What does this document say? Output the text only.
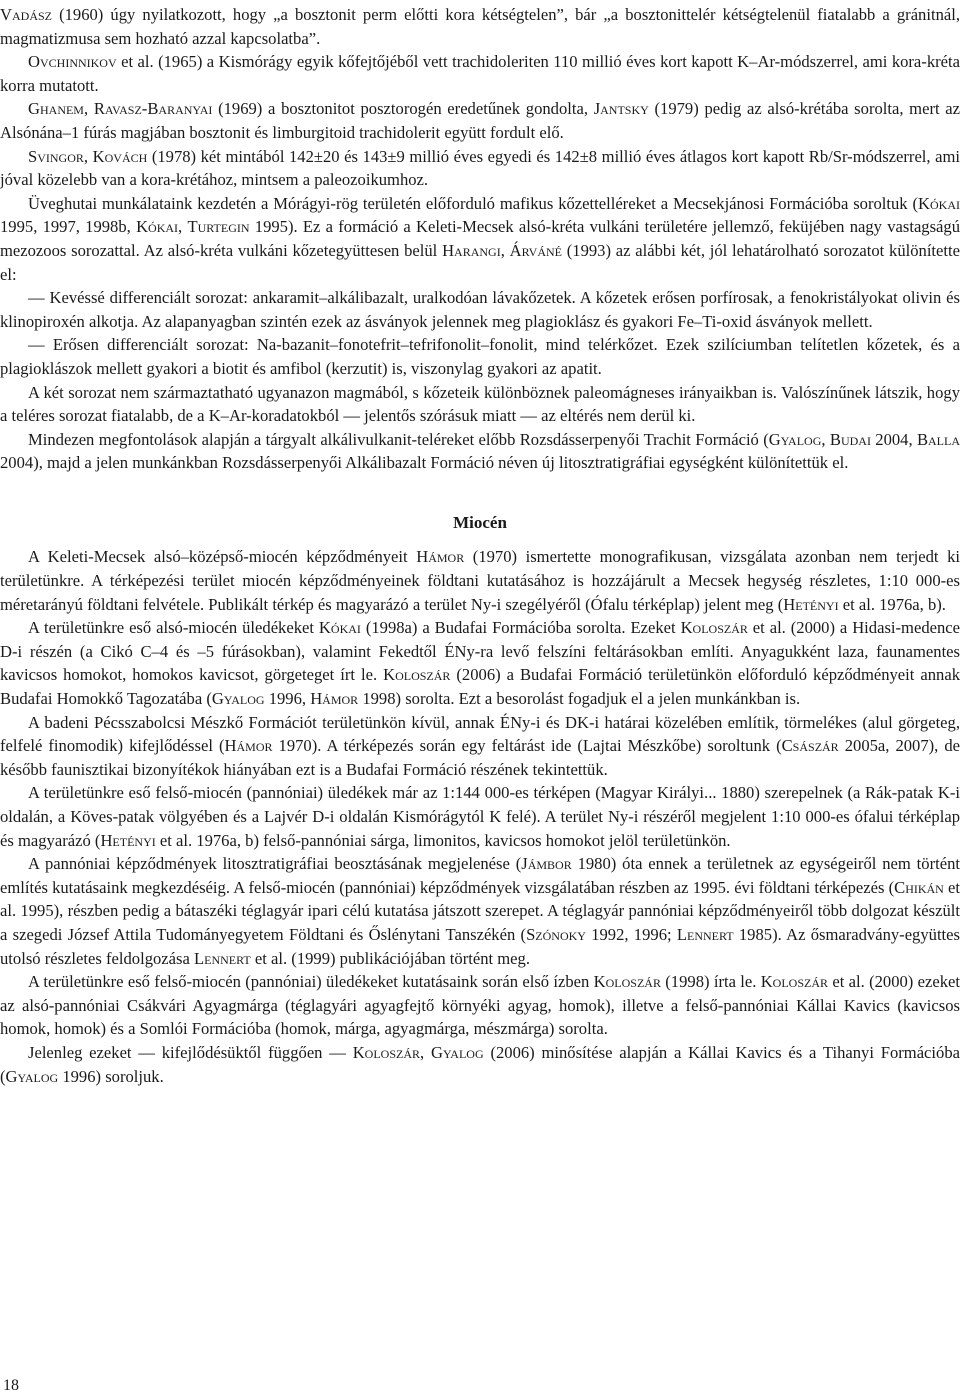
Vadász (1960) úgy nyilatkozott, hogy „a bosztonit perm előtti kora kétségtelen”, bár „a bosztonittelér kétségtelenül fiatalabb a gránitnál, magmatizmusa sem hozható azzal kapcsolatba”.

Ovchinnikov et al. (1965) a Kismórágy egyik kőfejtőjéből vett trachidoleriten 110 millió éves kort kapott K–Ar-módszerrel, ami kora-kréta korra mutatott.

Ghanem, Ravasz-Baranyai (1969) a bosztonitot posztorogén eredetűnek gondolta, Jantsky (1979) pedig az alsó-krétába sorolta, mert az Alsónána–1 fúrás magjában bosztonit és limburgitoid trachidolerit együtt fordult elő.

Svingor, Kovách (1978) két mintából 142±20 és 143±9 millió éves egyedi és 142±8 millió éves átlagos kort kapott Rb/Sr-módszerrel, ami jóval közelebb van a kora-krétához, mintsem a paleozoikumhoz.

Üveghutai munkálataink kezdetén a Mórágyi-rög területén előforduló mafikus kőzettelléreket a Mecsekjánosi Formációba soroltuk (Kókai 1995, 1997, 1998b, Kókai, Turtegin 1995). Ez a formáció a Keleti-Mecsek alsó-kréta vulkáni területére jellemző, feküjében nagy vastagságú mezozoos sorozattal. Az alsó-kréta vulkáni kőzetegyüttesen belül Harangi, Árváné (1993) az alábbi két, jól lehatárolható sorozatot különítette el:

— Kevéssé differenciált sorozat: ankaramit–alkálibazalt, uralkodóan lávakőzetek. A kőzetek erősen porfírosak, a fenokristályokat olivin és klinopiroxén alkotja. Az alapanyagban szintén ezek az ásványok jelennek meg plagioklász és gyakori Fe–Ti-oxid ásványok mellett.

— Erősen differenciált sorozat: Na-bazanit–fonotefrit–tefrifonolit–fonolit, mind telérkőzet. Ezek szilíciumban telítetlen kőzetek, és a plagioklászok mellett gyakori a biotit és amfibol (kerzutit) is, viszonylag gyakori az apatit.

A két sorozat nem származtatható ugyanazon magmából, s kőzeteik különböznek paleomágneses irányaikban is. Valószínűnek látszik, hogy a teléres sorozat fiatalabb, de a K–Ar-koradatokból — jelentős szórásuk miatt — az eltérés nem derül ki.

Mindezen megfontolások alapján a tárgyalt alkálivulkanit-teléreket előbb Rozsdásserpenyői Trachit Formáció (Gyalog, Budai 2004, Balla 2004), majd a jelen munkánkban Rozsdásserpenyői Alkálibazalt Formáció néven új litosztratigráfiai egységként különítettük el.

Miocén

A Keleti-Mecsek alsó–középső-miocén képződményeit Hámor (1970) ismertette monografikusan, vizsgálata azonban nem terjedt ki területünkre. A térképezési terület miocén képződményeinek földtani kutatásához is hozzájárult a Mecsek hegység részletes, 1:10 000-es méretarányú földtani felvétele. Publikált térkép és magyarázó a terület Ny-i szegélyéről (Ófalu térképlap) jelent meg (Hetényi et al. 1976a, b).

A területünkre eső alsó-miocén üledékeket Kókai (1998a) a Budafai Formációba sorolta. Ezeket Koloszár et al. (2000) a Hidasi-medence D-i részén (a Cikó C–4 és –5 fúrásokban), valamint Fekedtől ÉNy-ra levő felszíni feltárásokban említi. Anyagukként laza, faunamentes kavicsos homokot, homokos kavicsot, görgeteget írt le. Koloszár (2006) a Budafai Formáció területünkön előforduló képződményeit annak Budafai Homokkő Tagozatába (Gyalog 1996, Hámor 1998) sorolta. Ezt a besorolást fogadjuk el a jelen munkánkban is.

A badeni Pécsszabolcsi Mészkő Formációt területünkön kívül, annak ÉNy-i és DK-i határai közelében említik, törmelékes (alul görgeteg, felfelé finomodik) kifejlődéssel (Hámor 1970). A térképezés során egy feltárást ide (Lajtai Mészkőbe) soroltunk (Császár 2005a, 2007), de később faunisztikai bizonyítékok hiányában ezt is a Budafai Formáció részének tekintettük.

A területünkre eső felső-miocén (pannóniai) üledékek már az 1:144 000-es térképen (Magyar Királyi... 1880) szerepelnek (a Rák-patak K-i oldalán, a Köves-patak völgyében és a Lajvér D-i oldalán Kismórágytól K felé). A terület Ny-i részéről megjelent 1:10 000-es ófalui térképlap és magyarázó (Hetényi et al. 1976a, b) felső-pannóniai sárga, limonitos, kavicsos homokot jelöl területünkön.

A pannóniai képződmények litosztratigráfiai beosztásának megjelenése (Jámbor 1980) óta ennek a területnek az egységeiről nem történt említés kutatásaink megkezdéséig. A felső-miocén (pannóniai) képződmények vizsgálatában részben az 1995. évi földtani térképezés (Chikán et al. 1995), részben pedig a bátaszéki téglagyár ipari célú kutatása játszott szerepet. A téglagyár pannóniai képződményeiről több dolgozat készült a szegedi József Attila Tudományegyetem Földtani és Őslénytani Tanszékén (Szónoky 1992, 1996; Lennert 1985). Az ősmaradvány-együttes utolsó részletes feldolgozása Lennert et al. (1999) publikációjában történt meg.

A területünkre eső felső-miocén (pannóniai) üledékeket kutatásaink során első ízben Koloszár (1998) írta le. Koloszár et al. (2000) ezeket az alsó-pannóniai Csákvári Agyagmárga (téglagyári agyagfejtő környéki agyag, homok), illetve a felső-pannóniai Kállai Kavics (kavicsos homok, homok) és a Somlói Formációba (homok, márga, agyagmárga, mészmárga) sorolta.

Jelenleg ezeket — kifejlődésüktől függően — Koloszár, Gyalog (2006) minősítése alapján a Kállai Kavics és a Tihanyi Formációba (Gyalog 1996) soroljuk.

18
